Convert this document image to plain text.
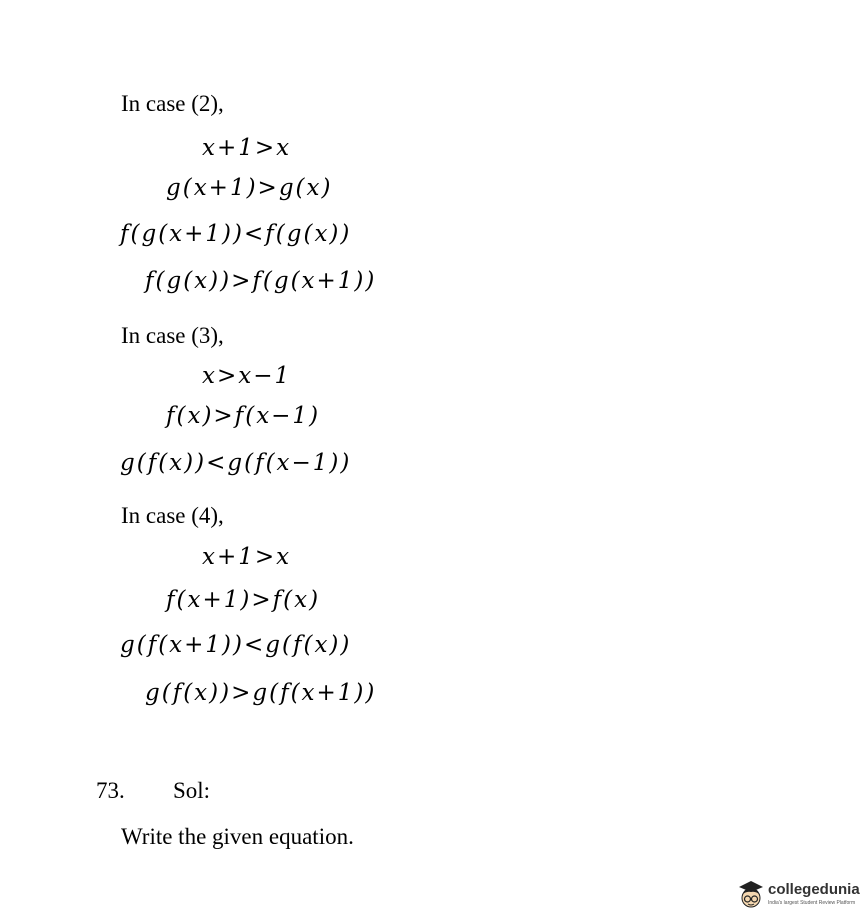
In case (2),
x+1>x
g(x+1)>g(x)
f(g(x+1))<f(g(x))
f(g(x))>f(g(x+1))
In case (3),
x>x−1
f(x)>f(x−1)
g(f(x))<g(f(x−1))
In case (4),
x+1>x
f(x+1)>f(x)
g(f(x+1))<g(f(x))
g(f(x))>g(f(x+1))
73. Sol:
Write the given equation.
collegedunia
India's largest Student Review Platform
